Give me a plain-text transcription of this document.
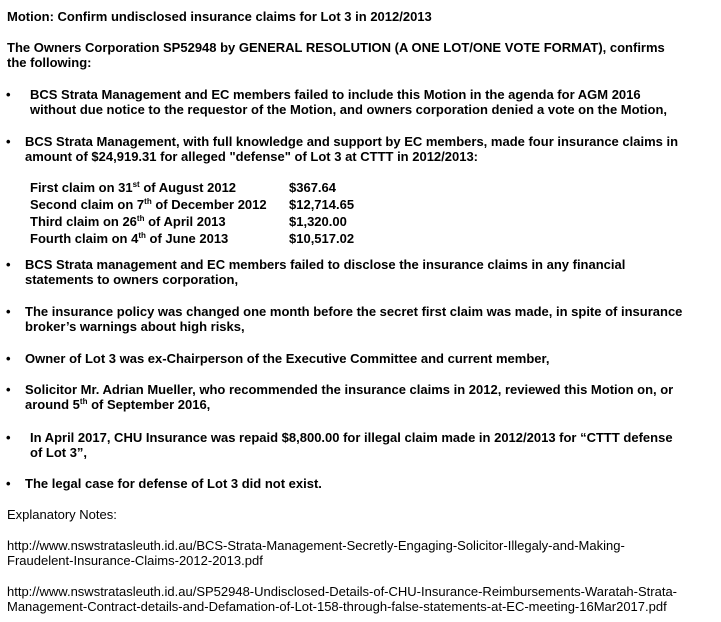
Motion: Confirm undisclosed insurance claims for Lot 3 in 2012/2013
The Owners Corporation SP52948 by GENERAL RESOLUTION (A ONE LOT/ONE VOTE FORMAT), confirms
the following:
• BCS Strata Management and EC members failed to include this Motion in the agenda for AGM 2016
without due notice to the requestor of the Motion, and owners corporation denied a vote on the Motion,
• BCS Strata Management, with full knowledge and support by EC members, made four insurance claims in
amount of $24,919.31 for alleged "defense" of Lot 3 at CTTT in 2012/2013:
First claim on 31st of August 2012	$367.64
Second claim on 7th of December 2012 $12,714.65
Third claim on 26th of April 2013	$1,320.00
Fourth claim on 4th of June 2013	$10,517.02
• BCS Strata management and EC members failed to disclose the insurance claims in any financial
statements to owners corporation,
• The insurance policy was changed one month before the secret first claim was made, in spite of insurance
broker’s warnings about high risks,
• Owner of Lot 3 was ex-Chairperson of the Executive Committee and current member,
• Solicitor Mr. Adrian Mueller, who recommended the insurance claims in 2012, reviewed this Motion on, or
around 5th of September 2016,
• In April 2017, CHU Insurance was repaid $8,800.00 for illegal claim made in 2012/2013 for “CTTT defense
of Lot 3”,
• The legal case for defense of Lot 3 did not exist.
Explanatory Notes:
http://www.nswstratasleuth.id.au/BCS-Strata-Management-Secretly-Engaging-Solicitor-Illegaly-and-Making-
Fraudelent-Insurance-Claims-2012-2013.pdf
http://www.nswstratasleuth.id.au/SP52948-Undisclosed-Details-of-CHU-Insurance-Reimbursements-Waratah-Strata-
Management-Contract-details-and-Defamation-of-Lot-158-through-false-statements-at-EC-meeting-16Mar2017.pdf
